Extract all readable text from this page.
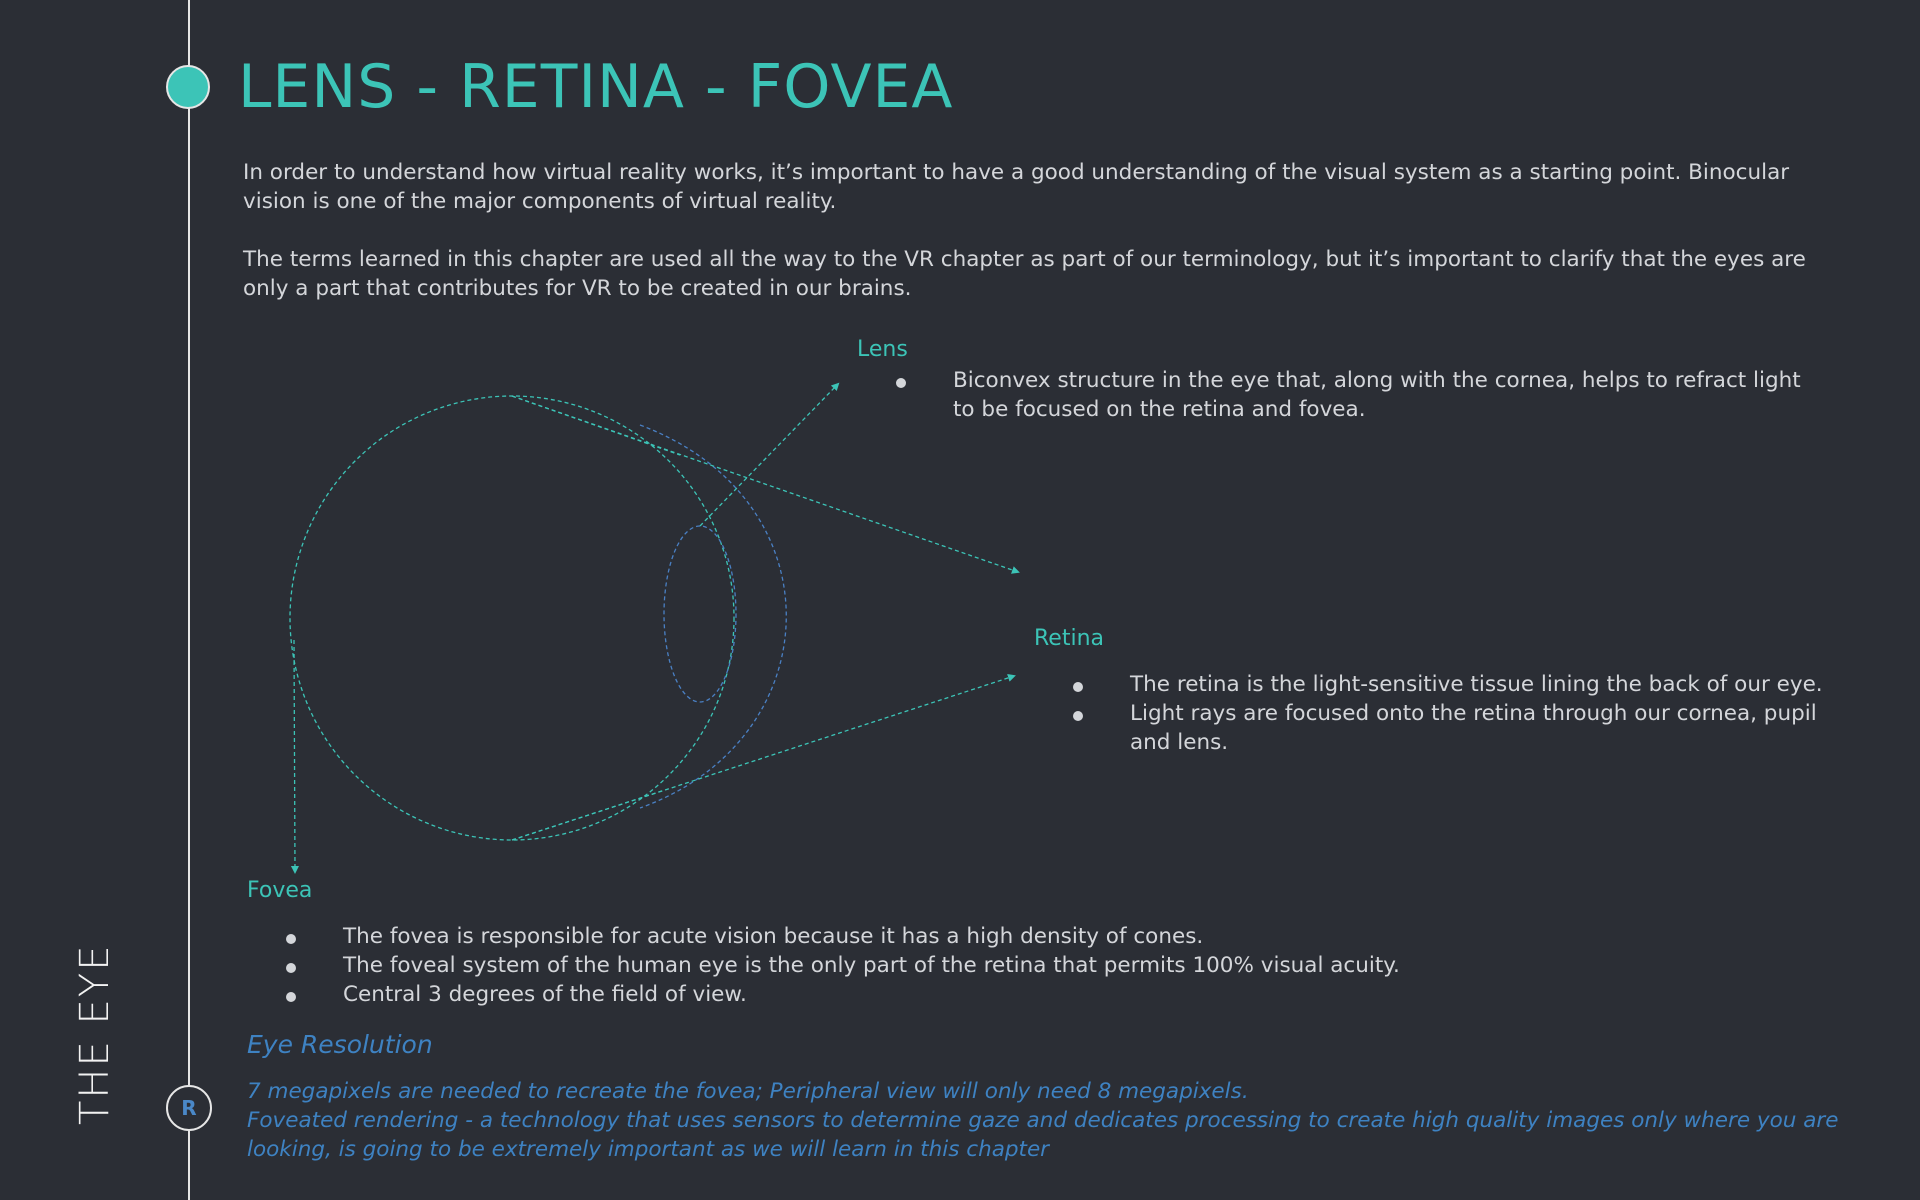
R
THE EYE
LENS - RETINA - FOVEA

In order to understand how virtual reality works, it’s important to have a good understanding of the visual system as a starting point. Binocular vision is one of the major components of virtual reality.

The terms learned in this chapter are used all the way to the VR chapter as part of our terminology, but it’s important to clarify that the eyes are only a part that contributes for VR to be created in our brains.

Lens
Biconvex structure in the eye that, along with the cornea, helps to refract light to be focused on the retina and fovea.
Retina
The retina is the light-sensitive tissue lining the back of our eye.
Light rays are focused onto the retina through our cornea, pupil and lens.
Fovea
The fovea is responsible for acute vision because it has a high density of cones.
The foveal system of the human eye is the only part of the retina that permits 100% visual acuity.
Central 3 degrees of the field of view.
Eye Resolution

7 megapixels are needed to recreate the fovea; Peripheral view will only need 8 megapixels.
Foveated rendering - a technology that uses sensors to determine gaze and dedicates processing to create high quality images only where you are looking, is going to be extremely important as we will learn in this chapter
